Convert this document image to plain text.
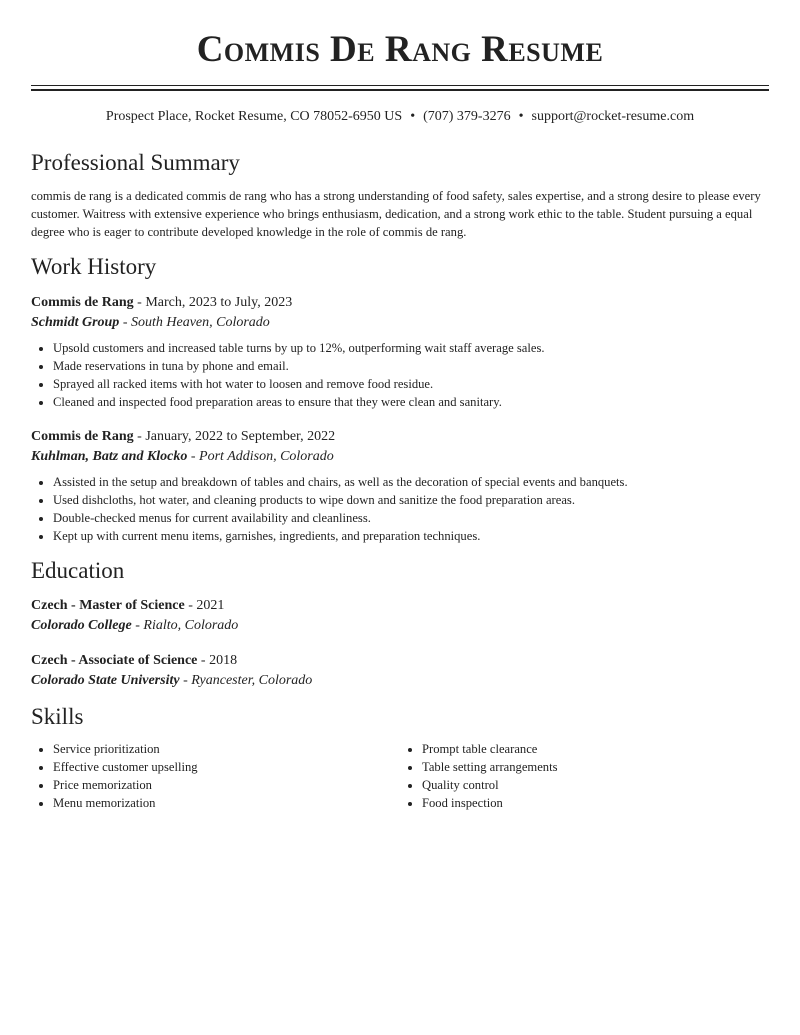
Commis De Rang Resume
Prospect Place, Rocket Resume, CO 78052-6950 US • (707) 379-3276 • support@rocket-resume.com
Professional Summary

commis de rang is a dedicated commis de rang who has a strong understanding of food safety, sales expertise, and a strong desire to please every customer. Waitress with extensive experience who brings enthusiasm, dedication, and a strong work ethic to the table. Student pursuing a equal degree who is eager to contribute developed knowledge in the role of commis de rang.

Work History
Commis de Rang - March, 2023 to July, 2023
Schmidt Group - South Heaven, Colorado
• Upsold customers and increased table turns by up to 12%, outperforming wait staff average sales.
• Made reservations in tuna by phone and email.
• Sprayed all racked items with hot water to loosen and remove food residue.
• Cleaned and inspected food preparation areas to ensure that they were clean and sanitary.
Commis de Rang - January, 2022 to September, 2022
Kuhlman, Batz and Klocko - Port Addison, Colorado
• Assisted in the setup and breakdown of tables and chairs, as well as the decoration of special events and banquets.
• Used dishcloths, hot water, and cleaning products to wipe down and sanitize the food preparation areas.
• Double-checked menus for current availability and cleanliness.
• Kept up with current menu items, garnishes, ingredients, and preparation techniques.
Education
Czech - Master of Science - 2021
Colorado College - Rialto, Colorado
Czech - Associate of Science - 2018
Colorado State University - Ryancester, Colorado
Skills
• Service prioritization
• Effective customer upselling
• Price memorization
• Menu memorization
• Prompt table clearance
• Table setting arrangements
• Quality control
• Food inspection
